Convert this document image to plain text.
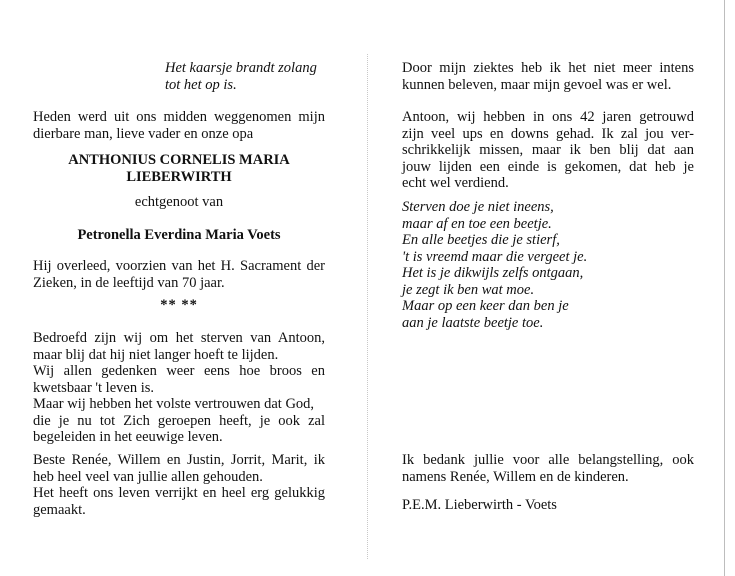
Het kaarsje brandt zolang
tot het op is.
Heden werd uit ons midden weggenomen mijn dierbare man, lieve vader en onze opa
ANTHONIUS CORNELIS MARIA
LIEBERWIRTH
echtgenoot van
Petronella Everdina Maria Voets
Hij overleed, voorzien van het H. Sacrament der Zieken, in de leeftijd van 70 jaar.
** **
Bedroefd zijn wij om het sterven van Antoon,
maar blij dat hij niet langer hoeft te lijden.
Wij allen gedenken weer eens hoe broos en
kwetsbaar 't leven is.
Maar wij hebben het volste vertrouwen dat God,
die je nu tot Zich geroepen heeft, je ook zal
begeleiden in het eeuwige leven.
Beste Renée, Willem en Justin, Jorrit, Marit, ik
heb heel veel van jullie allen gehouden.
Het heeft ons leven verrijkt en heel erg gelukkig
gemaakt.
Door mijn ziektes heb ik het niet meer intens
kunnen beleven, maar mijn gevoel was er wel.
Antoon, wij hebben in ons 42 jaren getrouwd
zijn veel ups en downs gehad. Ik zal jou ver-
schrikkelijk missen, maar ik ben blij dat aan
jouw lijden een einde is gekomen, dat heb je
echt wel verdiend.
Sterven doe je niet ineens,
maar af en toe een beetje.
En alle beetjes die je stierf,
't is vreemd maar die vergeet je.
Het is je dikwijls zelfs ontgaan,
je zegt ik ben wat moe.
Maar op een keer dan ben je
aan je laatste beetje toe.
Ik bedank jullie voor alle belangstelling, ook
namens Renée, Willem en de kinderen.
P.E.M. Lieberwirth - Voets
